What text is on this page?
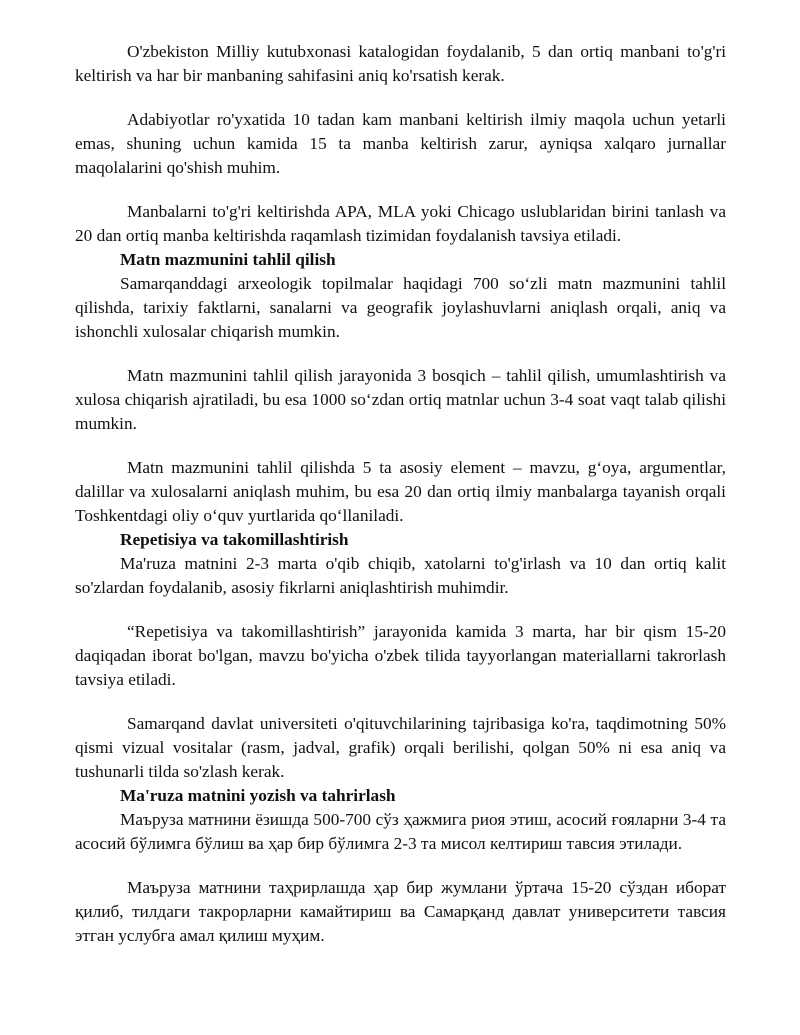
O'zbekiston Milliy kutubxonasi katalogidan foydalanib, 5 dan ortiq manbani to'g'ri keltirish va har bir manbaning sahifasini aniq ko'rsatish kerak.

Adabiyotlar ro'yxatida 10 tadan kam manbani keltirish ilmiy maqola uchun yetarli emas, shuning uchun kamida 15 ta manba keltirish zarur, ayniqsa xalqaro jurnallar maqolalarini qo'shish muhim.

Manbalarni to'g'ri keltirishda APA, MLA yoki Chicago uslublaridan birini tanlash va 20 dan ortiq manba keltirishda raqamlash tizimidan foydalanish tavsiya etiladi.

Matn mazmunini tahlil qilish

Samarqanddagi arxeologik topilmalar haqidagi 700 so‘zli matn mazmunini tahlil qilishda, tarixiy faktlarni, sanalarni va geografik joylashuvlarni aniqlash orqali, aniq va ishonchli xulosalar chiqarish mumkin.

Matn mazmunini tahlil qilish jarayonida 3 bosqich – tahlil qilish, umumlashtirish va xulosa chiqarish ajratiladi, bu esa 1000 so‘zdan ortiq matnlar uchun 3-4 soat vaqt talab qilishi mumkin.

Matn mazmunini tahlil qilishda 5 ta asosiy element – mavzu, g‘oya, argumentlar, dalillar va xulosalarni aniqlash muhim, bu esa 20 dan ortiq ilmiy manbalarga tayanish orqali Toshkentdagi oliy o‘quv yurtlarida qo‘llaniladi.

Repetisiya va takomillashtirish

Ma'ruza matnini 2-3 marta o'qib chiqib, xatolarni to'g'irlash va 10 dan ortiq kalit so'zlardan foydalanib, asosiy fikrlarni aniqlashtirish muhimdir.

“Repetisiya va takomillashtirish” jarayonida kamida 3 marta, har bir qism 15-20 daqiqadan iborat bo'lgan, mavzu bo'yicha o'zbek tilida tayyorlangan materiallarni takrorlash tavsiya etiladi.

Samarqand davlat universiteti o'qituvchilarining tajribasiga ko'ra, taqdimotning 50% qismi vizual vositalar (rasm, jadval, grafik) orqali berilishi, qolgan 50% ni esa aniq va tushunarli tilda so'zlash kerak.

Ma'ruza matnini yozish va tahrirlash

Маъруза матнини ёзишда 500-700 сўз ҳажмига риоя этиш, асосий ғояларни 3-4 та асосий бўлимга бўлиш ва ҳар бир бўлимга 2-3 та мисол келтириш тавсия этилади.

Маъруза матнини таҳрирлашда ҳар бир жумлани ўртача 15-20 сўздан иборат қилиб, тилдаги такрорларни камайтириш ва Самарқанд давлат университети тавсия этган услубга амал қилиш муҳим.
